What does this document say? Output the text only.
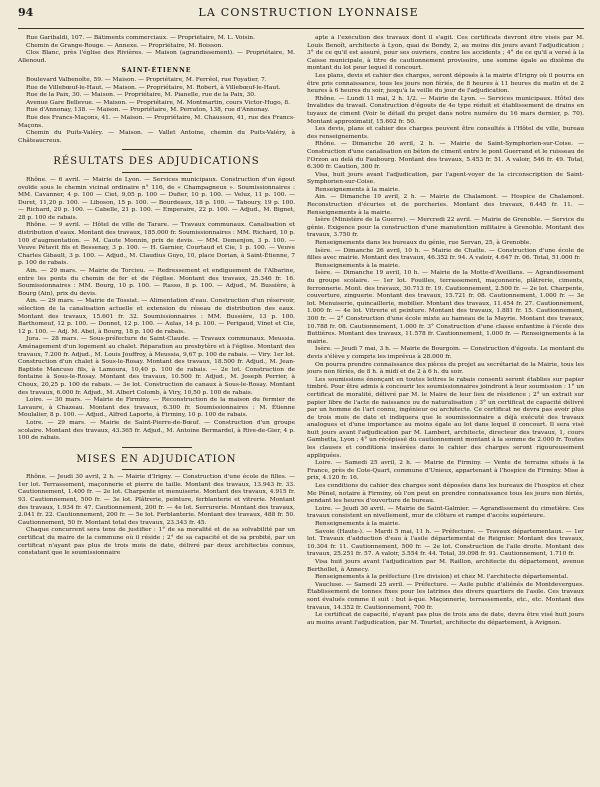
94	LA CONSTRUCTION LYONNAISE

Rue Garibaldi, 107. — Bâtiments commerciaux. — Propriétaire, M. L. Voisin.

Chemin de Grange-Rouge. — Annexe. — Propriétaire, M. Boisson.

Clos Blanc, près l'église des Rivières. — Maison (agrandissement). — Propriétaire, M. Allenoud.

SAINT-ÉTIENNE

Boulevard Valbenoîte, 59. — Maison. — Propriétaire, M. Ferréol, rue Foyatier, 7.

Rue de Villebœuf-le-Haut. — Maison. — Propriétaire, M. Robert, à Villebœuf-le-Haut.

Rue de la Paix, 30. — Maison. — Propriétaire, M. Pianelle, rue de la Paix, 30.

Avenue Gare Bellevue. — Maison. — Propriétaire, M. Montmartin, cours Victor-Hugo, 8.

Rue d'Annonay, 138. — Maison. — Propriétaire, M. Perraton, 138, rue d'Annonay.

Rue des Francs-Maçons, 41. — Maison. — Propriétaire, M. Chausson, 41, rue des Francs-Maçons.

Chemin du Puits-Valéry. — Maison. — Vallet Antoine, chemin du Puits-Valéry, à Châteaucreux.

RÉSULTATS DES ADJUDICATIONS

Rhône. — 6 avril. — Mairie de Lyon. — Services municipaux. Construction d'un égout ovoïde sous le chemin vicinal ordinaire n° 116, de « Champagneux ». Soumissionnaires : MM. Cavanner, 4 p. 100 — Ciet, 9,05 p. 100 — Dufier, 10 p. 100. — Veluz, 11 p. 100. — Duret, 11,20 p. 100. — Liboson, 15 p. 100. — Bourdeaux, 18 p. 100. — Taboury, 19 p. 100. — Richard, 20 p. 100. — Cabelle, 21 p. 100. — Emperaire, 22 p. 100. — Adjud., M. Bignet, 28 p. 100 de rabais.

Rhône. — 9 avril. — Hôtel de ville de Tarare. — Travaux communaux. Canalisation et distribution d'eaux. Montant des travaux, 185.000 fr. Soumissionnaires : MM. Richard, 10 p. 100 d'augmentation. — M. Caute Monnin, prix de devis. — MM. Demenjon, 3 p. 100. — Veuve Pétavit fils et Bessenay, 3 p. 100. — H. Garnier, Courtaud et Cie, 1 p. 100. — Veuve Charles Gibault, 3 p. 100. — Adjud., M. Claudius Guyo, 10, place Dorian, à Saint-Étienne, 7 p. 100 de rabais.

Ain. — 29 mars. — Mairie de Torcieu. — Redressement et endiguement de l'Albarine, entre les ponts du chemin de fer et de l'église. Montant des travaux, 25.346 fr. 16. Soumissionnaires : MM. Bourg, 10 p. 100. — Rasso, 8 p. 100. — Adjud., M. Bussière, à Bourg (Ain), prix du devis.

Ain. — 29 mars. — Mairie de Tossiat. — Alimentation d'eau. Construction d'un réservoir, sélection de la canalisation actuelle et extension du réseau de distribution des eaux. Montant des travaux, 15.601 fr. 32. Soumissionnaires : MM. Bussière, 13 p. 100. Barthomeuf, 12 p. 100. — Donnet, 12 p. 100. — Aulas, 14 p. 100. — Perigaud, Vinet et Cie, 12 p. 100. — Adj. M. Abel, à Bourg, 18 p. 100 de rabais.

Jura. — 28 mars. — Sous-préfecture de Saint-Claude. — Travaux communaux. Meussia. Aménagement d'un logement au chalet. Réparation au presbytère et à l'église. Montant des travaux, 7.200 fr. Adjud., M. Louis Jouffroy, à Meussia, 9,67 p. 100 de rabais. — Viry. 1er lot. Construction d'un chalet à Sous-le-Rosay. Montant des travaux, 18.500 fr. Adjud., M. Jean-Baptiste Mancuso fils, à Lamoura, 10,40 p. 100 de rabais. — 2e lot. Construction de fontaine à Sous-le-Rosay. Montant des travaux, 10.500 fr. Adjud., M. Joseph Perrier, à Choux, 20,25 p. 100 de rabais. — 3e lot. Construction de canaux à Sous-le-Rosay. Montant des travaux, 6.000 fr. Adjud., M. Albert Colomb, à Viry, 10,50 p. 100 de rabais.

Loire. — 30 mars. — Mairie de Firminy. — Reconstruction de la maison du fermier de Lavaure, à Chazeau. Montant des travaux, 6.300 fr. Soumissionnaires : M. Étienne Moulalier, 8 p. 100. — Adjud., Alfred Laporte, à Firminy, 10 p. 100 de rabais.

Loire. — 29 mars. — Mairie de Saint-Pierre-de-Bœuf. — Construction d'un groupe scolaire. Montant des travaux, 43.365 fr. Adjud., M. Antoine Bermardel, à Rive-de-Gier, 4 p. 100 de rabais.

MISES EN ADJUDICATION

Rhône. — Jeudi 30 avril, 2 h. — Mairie d'Irigny. — Construction d'une école de filles. — 1er lot. Terrassement, maçonnerie et pierre de taille. Montant des travaux, 13.943 fr. 33. Cautionnement, 1.400 fr. — 2e lot. Charpente et menuiserie. Montant des travaux, 4.915 fr. 93. Cautionnement, 500 fr. — 3e lot. Plâtrerie, peinture, ferblanterie et vitrerie. Montant des travaux, 1.934 fr. 47. Cautionnement, 200 fr. — 4e lot. Serrurerie. Montant des travaux, 2.041 fr. 22. Cautionnement, 200 fr. — 5e lot. Ferblanterie. Montant des travaux, 488 fr. 50. Cautionnement, 50 fr. Montant total des travaux, 23.343 fr. 45.

Chaque concurrent sera tenu de justifier : 1° de sa moralité et de sa solvabilité par un certificat du maire de la commune où il réside ; 2° de sa capacité et de sa probité, par un certificat n'ayant pas plus de trois mois de date, délivré par deux architectes connus, constatant que le soumissionnaire

apte à l'exécution des travaux dont il s'agit. Ces certificats devront être visés par M. Louis Benoît, architecte à Lyon, quai de Bondy, 2, au moins dix jours avant l'adjudication ; 3° de ce qu'il est assuré, pour ses ouvriers, contre les accidents ; 4° de ce qu'il a versé à la Caisse municipale, à titre de cautionnement provisoire, une somme égale au dixième du montant du lot pour lequel il concourt.

Les plans, devis et cahier des charges, seront déposés à la mairie d'Irigny où il pourra en être pris connaissance, tous les jours non fériés, de 8 heures à 11 heures du matin et de 2 heures à 6 heures du soir, jusqu'à la veille du jour de l'adjudication.

Rhône. — Lundi 11 mai, 2 h. 1/2. — Mairie de Lyon. — Services municipaux. Hôtel des Invalides du travail. Construction d'égouts de 4e type réduit et établissement de drains en tuyaux de ciment (Voir le détail du projet dans notre numéro du 16 mars dernier, p. 70). Montant approximatif, 15.602 fr. 50.

Les devis, plans et cahier des charges peuvent être consultés à l'Hôtel de ville, bureau des renseignements.

Rhône. — Dimanche 26 avril, 2 h. — Mairie de Saint-Symphorien-sur-Coise. — Construction d'une canalisation en béton de ciment entre le pont Guerrand et le ruisseau de l'Orzon au delà du Faubourg. Montant des travaux, 5.453 fr. 51. A valoir, 546 fr. 49. Total, 6.300 fr. Caution, 300 fr.

Visa, huit jours avant l'adjudication, par l'agent-voyer de la circonscription de Saint-Symphorien-sur-Coise.

Renseignements à la mairie.

Ain. — Dimanche 19 avril, 2 h. — Mairie de Chalamont. — Hospice de Chalamont. Reconstruction d'écuries et de porcheries. Montant des travaux, 6.445 fr. 11. — Renseignements à la mairie.

Isère (Ministère de la Guerre). — Mercredi 22 avril. — Mairie de Grenoble. — Service du génie. Exigence pour la construction d'une manutention militaire à Grenoble. Montant des travaux, 3.750 fr.

Renseignements dans les bureaux du génie, rue Servan, 25, à Grenoble.

Isère. — Dimanche 26 avril, 10 h. — Mairie de Chatte. — Construction d'une école de filles avec mairie. Montant des travaux, 46.352 fr. 94. A valoir, 4.647 fr. 06. Total, 51.000 fr.

Renseignements à la mairie.

Isère. — Dimanche 19 avril, 10 h. — Mairie de la Motte-d'Aveillans. — Agrandissement du groupe scolaire. — 1er lot. Fouilles, terrassement, maçonnerie, plâtrerie, ciments, ferronnerie. Mont. des travaux, 30.713 fr. 19. Cautionnement, 2.500 fr. — 2e lot. Charpente, couverture, zinguerie. Montant des travaux, 15.721 fr. 08. Cautionnement, 1.000 fr. — 3e lot. Menuiserie, quincaillerie, mobilier. Montant des travaux, 11.454 fr. 27. Cautionnement, 1.000 fr. — 4e lot. Vitrerie et peinture. Montant des travaux, 1.881 fr. 15. Cautionnement, 300 fr. — 2° Construction d'une école mixte au hameau de la Mayrie. Montant des travaux, 10.788 fr. 08. Cautionnement, 1.000 fr. 3° Construction d'une classe enfantine à l'école des Buttières. Montant des travaux, 11.578 fr. Cautionnement, 1.000 fr. — Renseignements à la mairie.

Isère. — Jeudi 7 mai, 3 h. — Mairie de Bourgoin. — Construction d'égouts. Le montant du devis s'élève y compris les imprévus à 28.000 fr.

On pourra prendre connaissance des pièces du projet au secrétariat de la Mairie, tous les jours non fériés, de 8 h. à midi et de 2 à 6 h. du soir.

Les soumissions énonçant en toutes lettres le rabais consenti seront établies sur papier timbré. Pour être admis à concourir les soumissionnaires joindront à leur soumission : 1° un certificat de moralité, délivré par M. le Maire de leur lieu de résidence ; 2° un extrait sur papier libre de l'acte de naissance ou de naturalisation ; 3° un certificat de capacité délivré par un homme de l'art connu, ingénieur ou architecte. Ce certificat ne devra pas avoir plus de trois mois de date et indiquera que le soumissionnaire a déjà exécuté des travaux analogues et d'une importance au moins égale au lot dans lequel il concourt. Il sera visé huit jours avant l'adjudication par M. Lambert, architecte, directeur des travaux, 1, cours Gambetta, Lyon ; 4° un récépissé du cautionnement montant à la somme de 2.000 fr. Toutes les clauses et conditions insérées dans le cahier des charges seront rigoureusement appliquées.

Loire. — Samedi 25 avril, 2 h. — Mairie de Firminy. — Vente de terrains situés à la France, près de Cote-Quart, commune d'Unieux, appartenant à l'hospice de Firminy. Mise à prix, 4.120 fr. 16.

Les conditions du cahier des charges sont déposées dans les bureaux de l'hospice et chez Me Pénel, notaire à Firminy, où l'on peut en prendre connaissance tous les jours non fériés, pendant les heures d'ouverture de bureau.

Loire. — Jeudi 30 avril. — Mairie de Saint-Galmier. — Agrandissement du cimetière. Ces travaux consistent en nivellement, mur de clôture et rampe d'accès supérieure.

Renseignements à la mairie.

Savoie (Haute-). — Mardi 5 mai, 11 h. — Préfecture. — Travaux départementaux. — 1er lot. Travaux d'adduction d'eau à l'asile départemental de Reignier. Montant des travaux, 10.304 fr. 11. Cautionnement, 500 fr. — 2e lot. Construction de l'aile droite. Montant des travaux, 25.251 fr. 57. A valoir, 3.554 fr. 44. Total, 39.098 fr. 91. Cautionnement, 1.710 fr.

Visa huit jours avant l'adjudication par M. Raillon, architecte du département, avenue Berthollet, à Annecy.

Renseignements à la préfecture (1re division) et chez M. l'architecte départemental.

Vaucluse. — Samedi 25 avril. — Préfecture. — Asile public d'aliénés de Montdevergues. Établissement de tonnes fixes pour les latrines des divers quartiers de l'asile. Ces travaux sont évalués comme il suit : but à-que. Maçonnerie, terrassements, etc., etc. Montant des travaux, 14.352 fr. Cautionnement, 700 fr.

Le certificat de capacité, n'ayant pas plus de trois ans de date, devra être visé huit jours au moins avant l'adjudication, par M. Tourtet, architecte du département, à Avignon.
